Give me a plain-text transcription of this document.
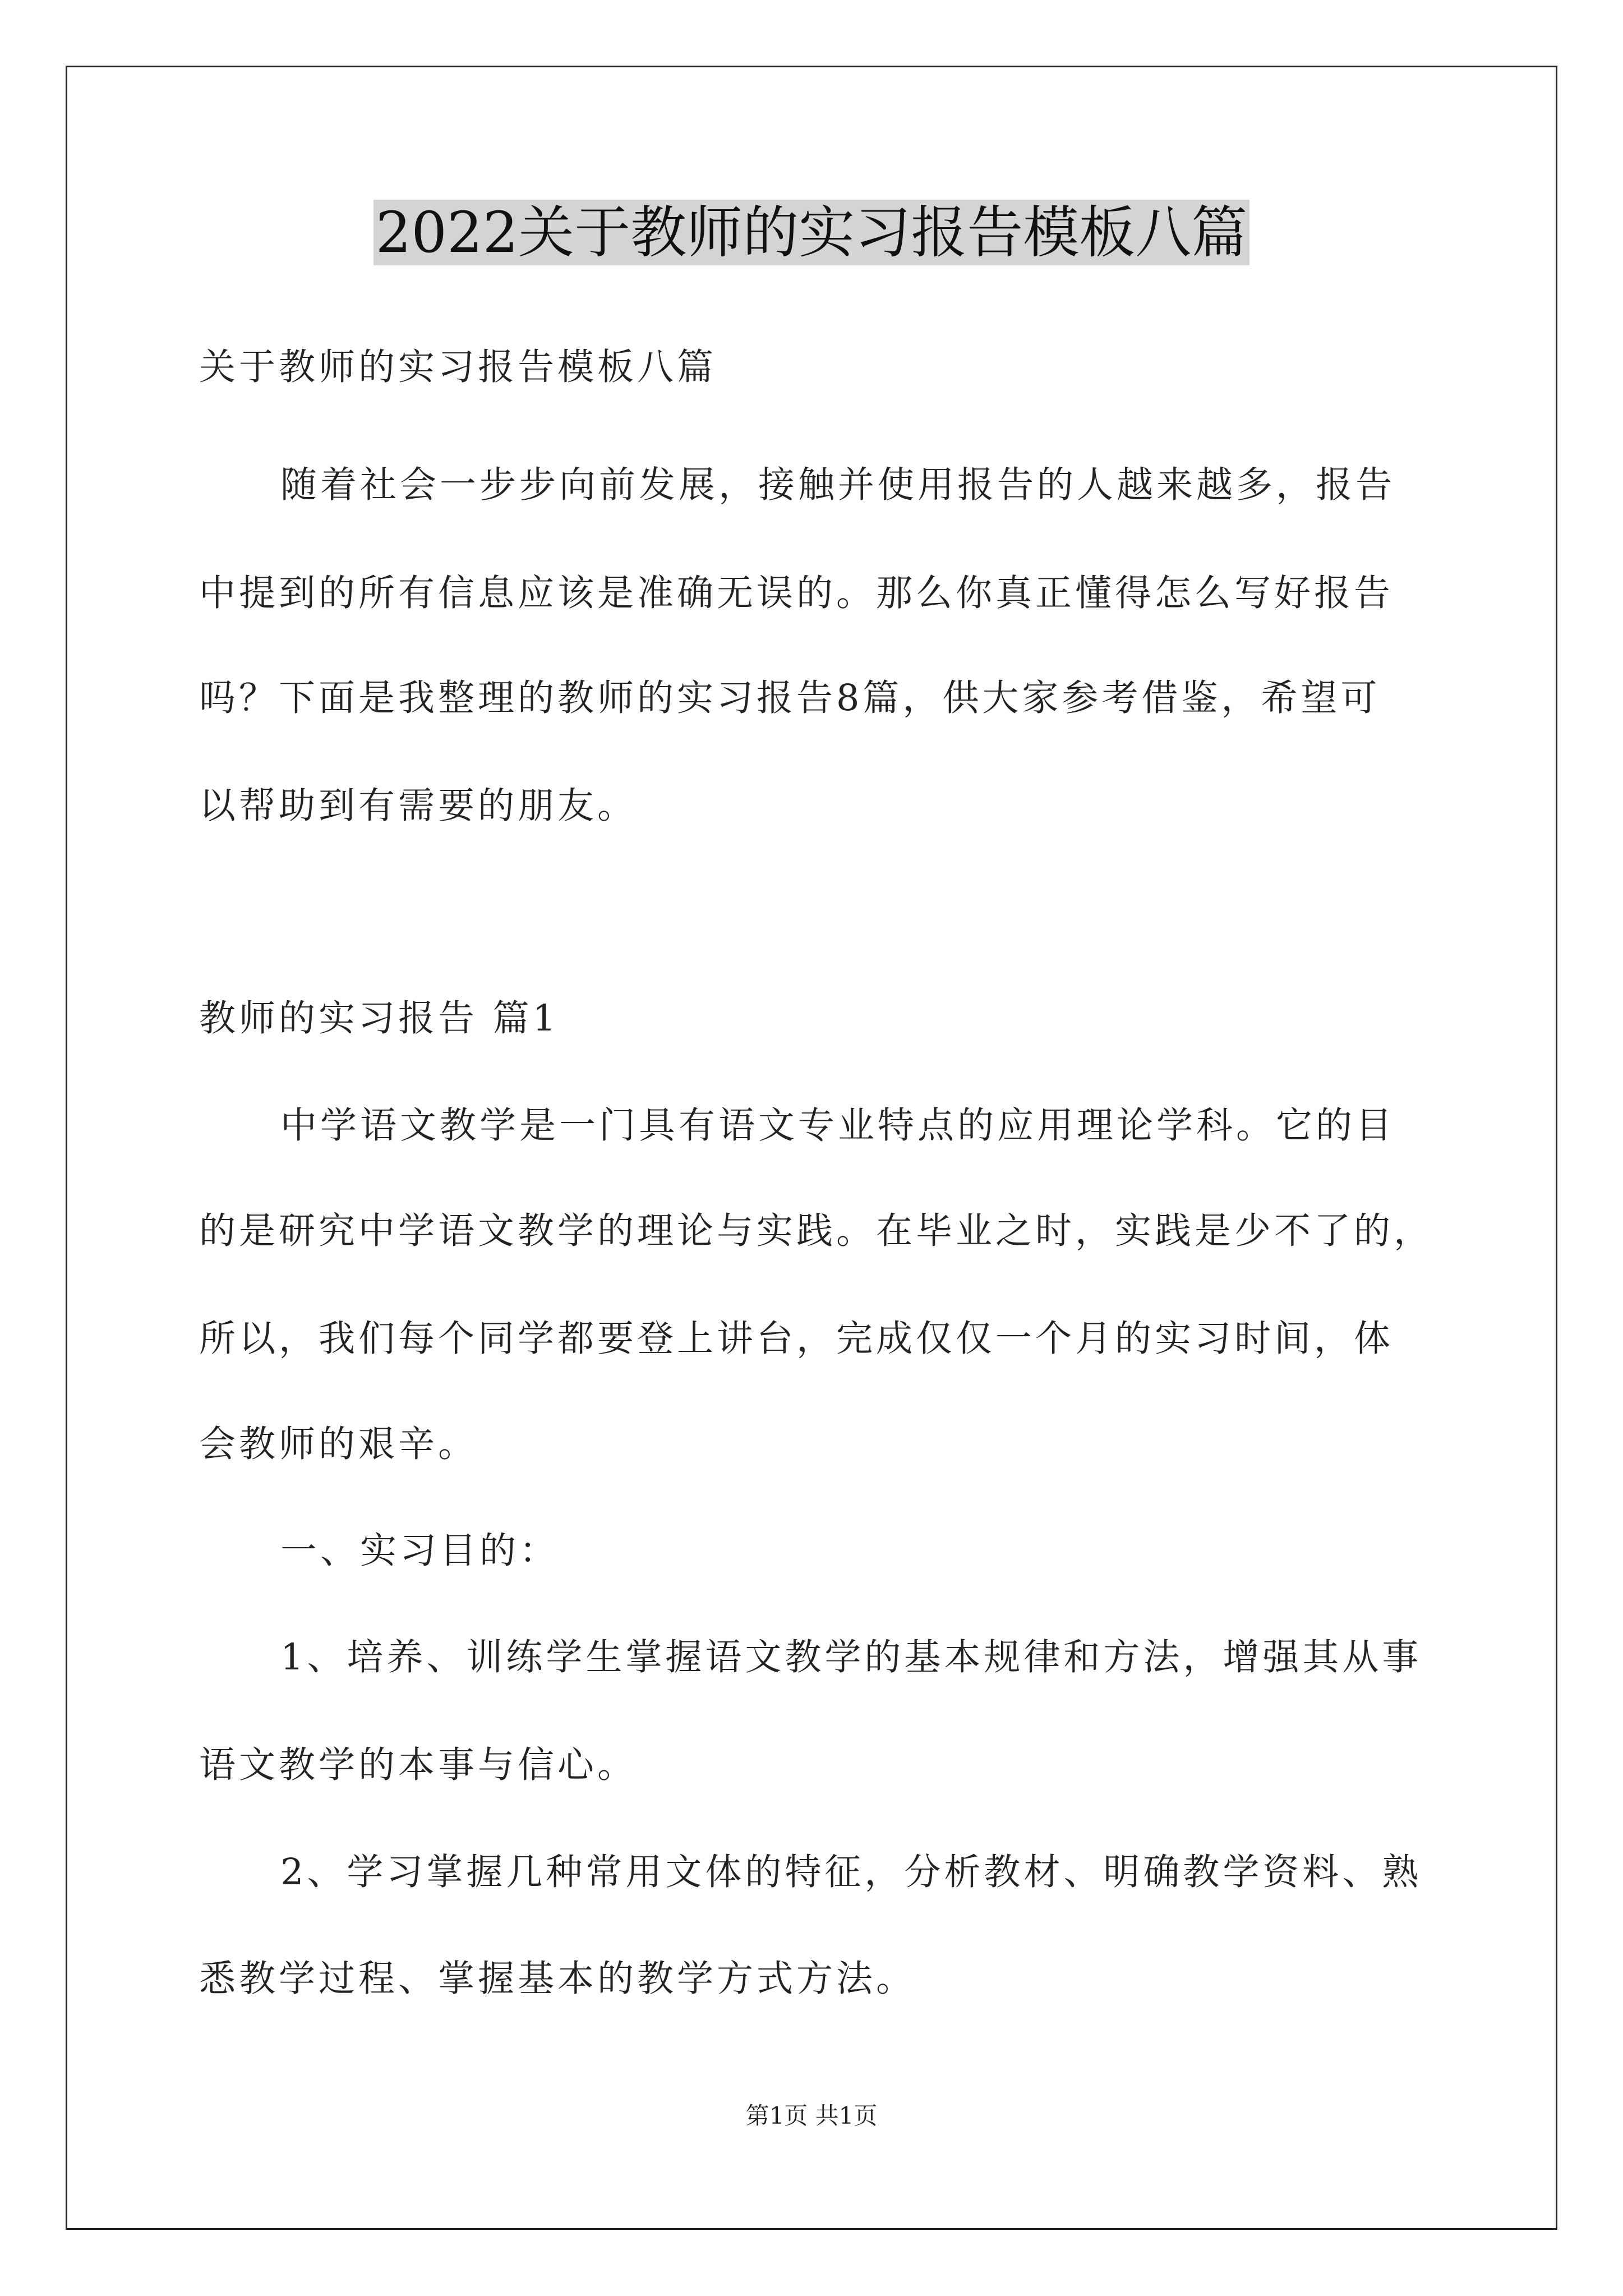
2022关于教师的实习报告模板八篇
关于教师的实习报告模板八篇
随着社会一步步向前发展，接触并使用报告的人越来越多，报告
中提到的所有信息应该是准确无误的。那么你真正懂得怎么写好报告
吗？下面是我整理的教师的实习报告8篇，供大家参考借鉴，希望可
以帮助到有需要的朋友。
教师的实习报告 篇1
中学语文教学是一门具有语文专业特点的应用理论学科。它的目
的是研究中学语文教学的理论与实践。在毕业之时，实践是少不了的，
所以，我们每个同学都要登上讲台，完成仅仅一个月的实习时间，体
会教师的艰辛。
一、实习目的：
1、培养、训练学生掌握语文教学的基本规律和方法，增强其从事
语文教学的本事与信心。
2、学习掌握几种常用文体的特征，分析教材、明确教学资料、熟
悉教学过程、掌握基本的教学方式方法。
第1页 共1页
